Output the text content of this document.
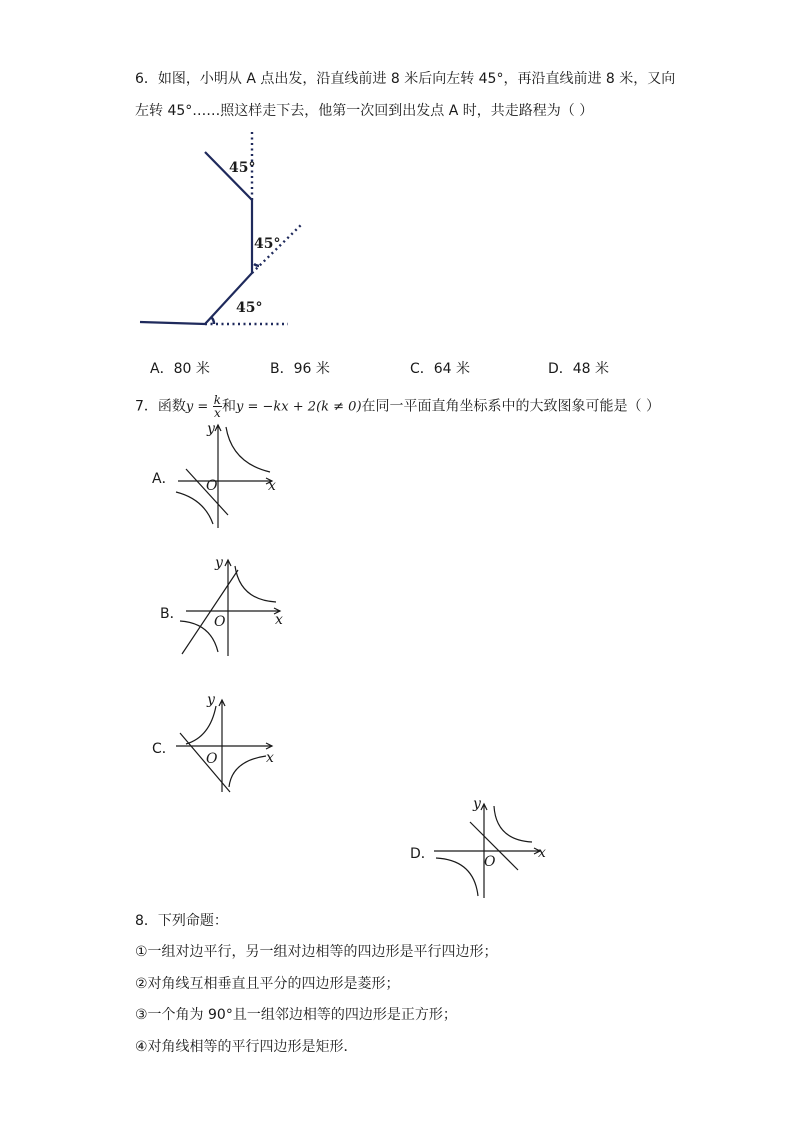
6．如图，小明从 A 点出发，沿直线前进 8 米后向左转 45°，再沿直线前进 8 米，又向
左转 45°……照这样走下去，他第一次回到出发点 A 时，共走路程为（ ）
45°
45°
45°
A．80 米	B．96 米	C．64 米	D．48 米
7．函数$y = \frac{k}{x}$ 和y = −kx + 2(k ≠ 0)在同一平面直角坐标系中的大致图象可能是（ ）
A．
y
x
O
B．
y
x
O
C．
y
x
O
D．
y
x
O
8．下列命题：
①一组对边平行，另一组对边相等的四边形是平行四边形；
②对角线互相垂直且平分的四边形是菱形；
③一个角为 90°且一组邻边相等的四边形是正方形；
④对角线相等的平行四边形是矩形．
